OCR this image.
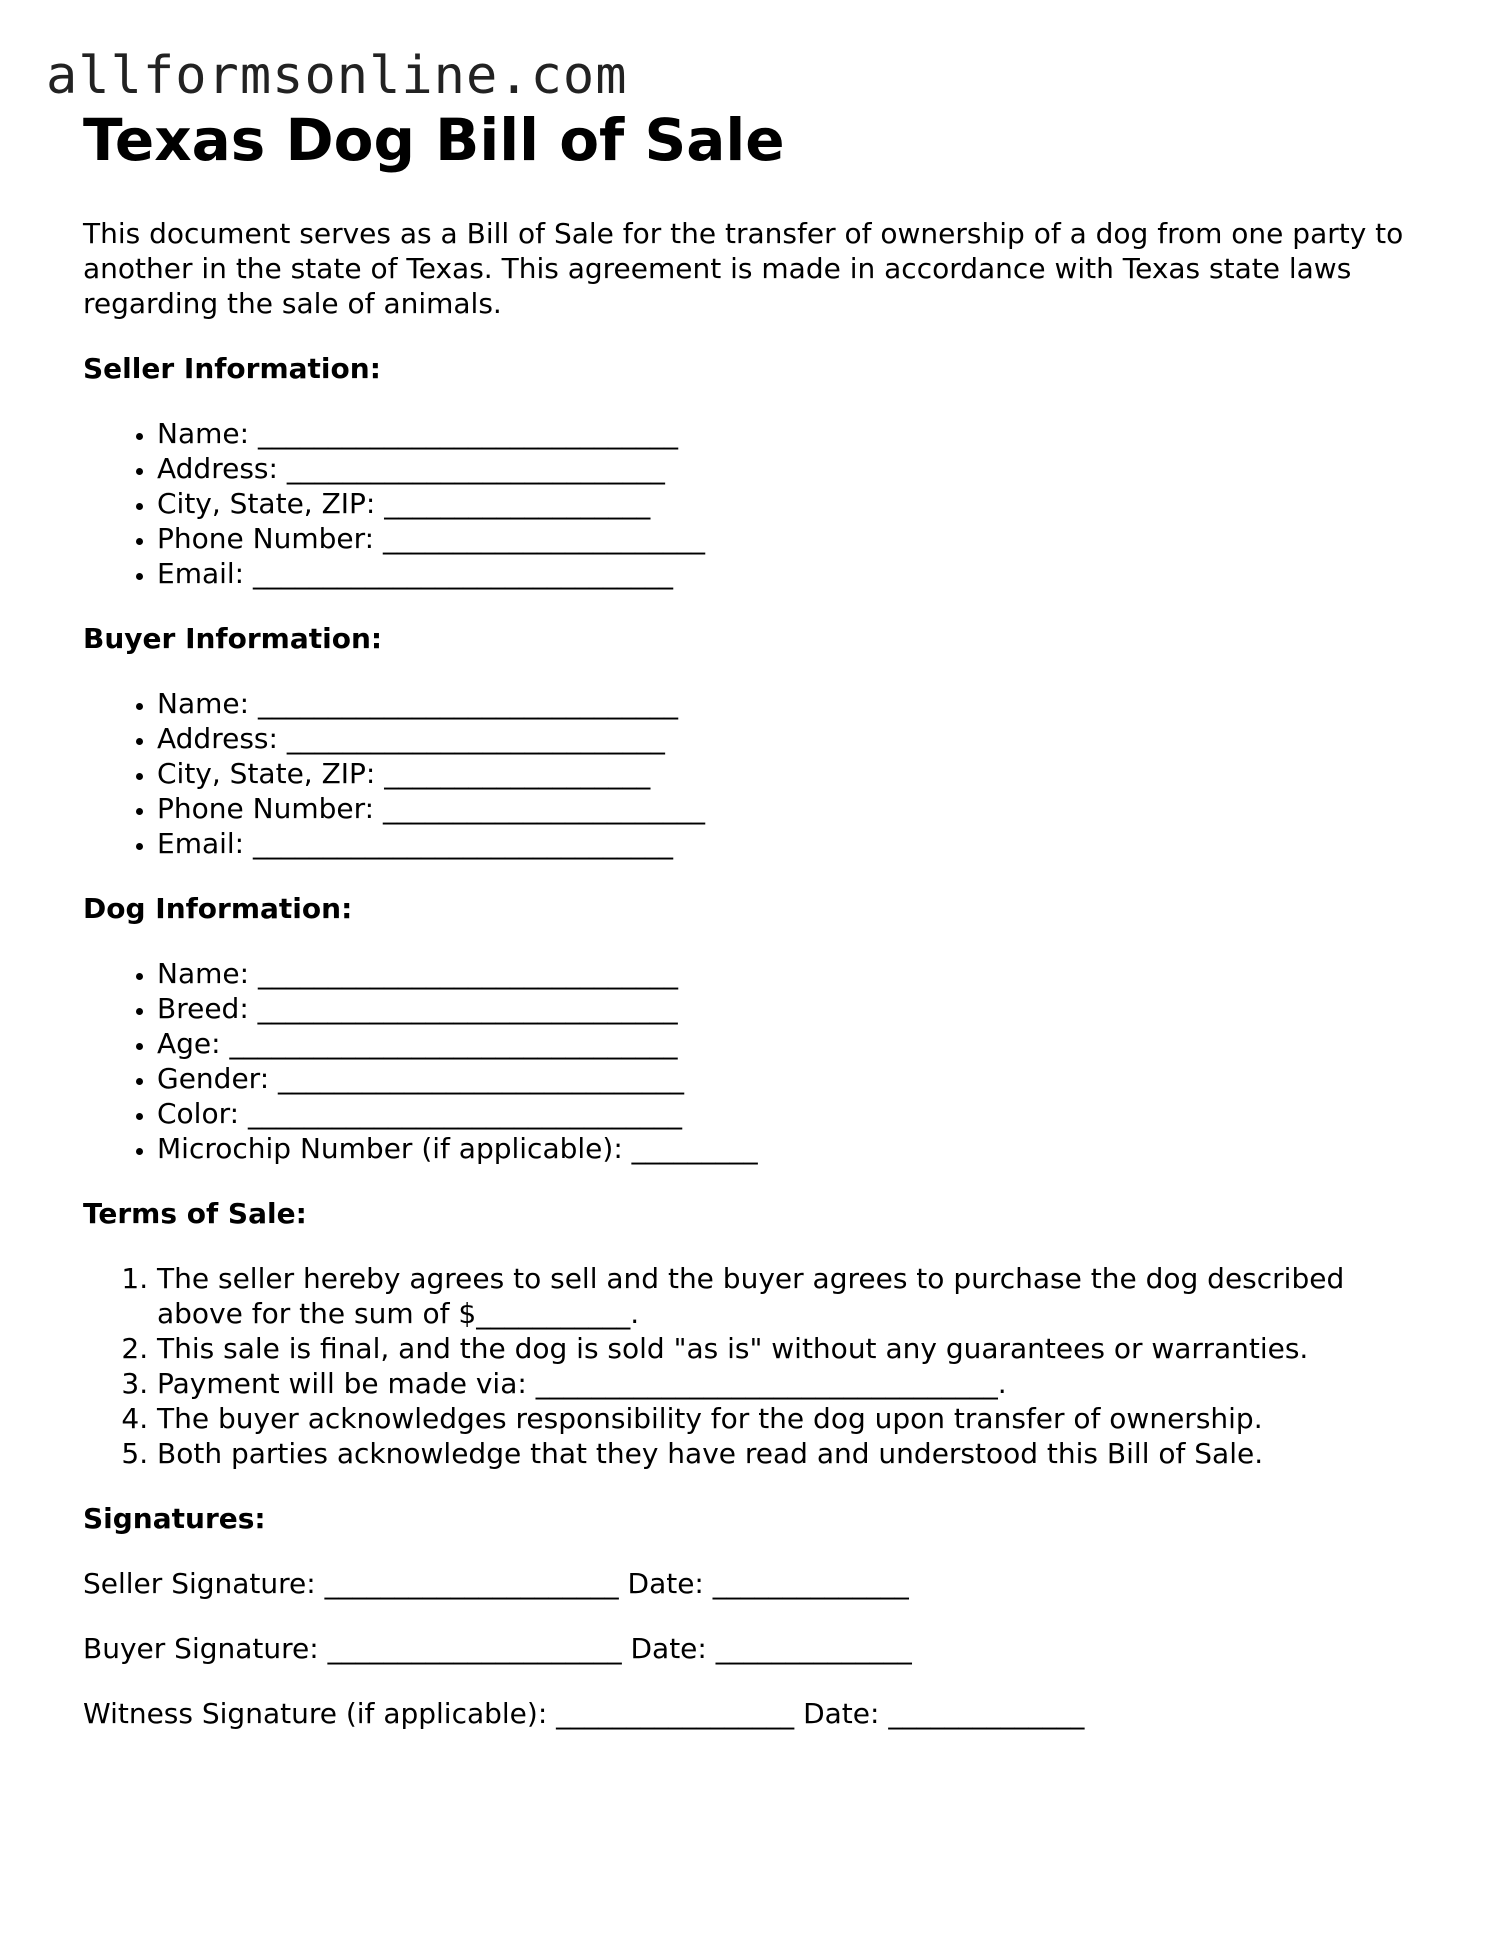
allformsonline.com
Texas Dog Bill of Sale

This document serves as a Bill of Sale for the transfer of ownership of a dog from one party to another in the state of Texas. This agreement is made in accordance with Texas state laws regarding the sale of animals.

Seller Information:
• Name: ______________________________
• Address: ___________________________
• City, State, ZIP: ___________________
• Phone Number: _______________________
• Email: ______________________________
Buyer Information:
• Name: ______________________________
• Address: ___________________________
• City, State, ZIP: ___________________
• Phone Number: _______________________
• Email: ______________________________
Dog Information:
• Name: ______________________________
• Breed: ______________________________
• Age: ________________________________
• Gender: _____________________________
• Color: _______________________________
• Microchip Number (if applicable): _________
Terms of Sale:
1. The seller hereby agrees to sell and the buyer agrees to purchase the dog described above for the sum of $___________.
2. This sale is final, and the dog is sold "as is" without any guarantees or warranties.
3. Payment will be made via: _________________________________.
4. The buyer acknowledges responsibility for the dog upon transfer of ownership.
5. Both parties acknowledge that they have read and understood this Bill of Sale.
Signatures:
Seller Signature: _____________________ Date: ______________
Buyer Signature: _____________________ Date: ______________
Witness Signature (if applicable): _________________ Date: ______________
